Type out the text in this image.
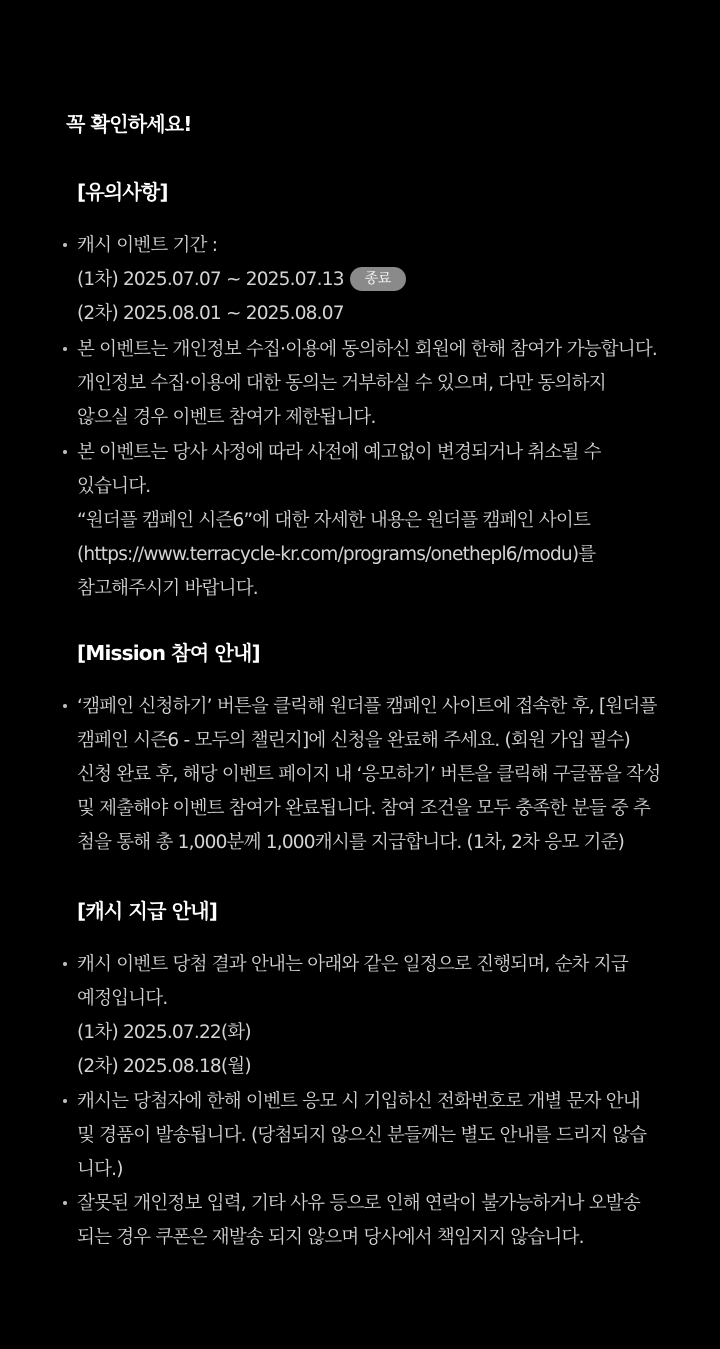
꼭 확인하세요!
[유의사항]
캐시 이벤트 기간 :
(1차) 2025.07.07 ~ 2025.07.13 종료
(2차) 2025.08.01 ~ 2025.08.07
본 이벤트는 개인정보 수집·이용에 동의하신 회원에 한해 참여가 가능합니다.
개인정보 수집·이용에 대한 동의는 거부하실 수 있으며, 다만 동의하지
않으실 경우 이벤트 참여가 제한됩니다.
본 이벤트는 당사 사정에 따라 사전에 예고없이 변경되거나 취소될 수
있습니다.
“원더플 캠페인 시즌6”에 대한 자세한 내용은 원더플 캠페인 사이트
(https://www.terracycle-kr.com/programs/onethepl6/modu)를
참고해주시기 바랍니다.
[Mission 참여 안내]
‘캠페인 신청하기’ 버튼을 클릭해 원더플 캠페인 사이트에 접속한 후, [원더플
캠페인 시즌6 - 모두의 챌린지]에 신청을 완료해 주세요. (회원 가입 필수)
신청 완료 후, 해당 이벤트 페이지 내 ‘응모하기’ 버튼을 클릭해 구글폼을 작성
및 제출해야 이벤트 참여가 완료됩니다. 참여 조건을 모두 충족한 분들 중 추
첨을 통해 총 1,000분께 1,000캐시를 지급합니다. (1차, 2차 응모 기준)
[캐시 지급 안내]
캐시 이벤트 당첨 결과 안내는 아래와 같은 일정으로 진행되며, 순차 지급
예정입니다.
(1차) 2025.07.22(화)
(2차) 2025.08.18(월)
캐시는 당첨자에 한해 이벤트 응모 시 기입하신 전화번호로 개별 문자 안내
및 경품이 발송됩니다. (당첨되지 않으신 분들께는 별도 안내를 드리지 않습
니다.)
잘못된 개인정보 입력, 기타 사유 등으로 인해 연락이 불가능하거나 오발송
되는 경우 쿠폰은 재발송 되지 않으며 당사에서 책임지지 않습니다.
